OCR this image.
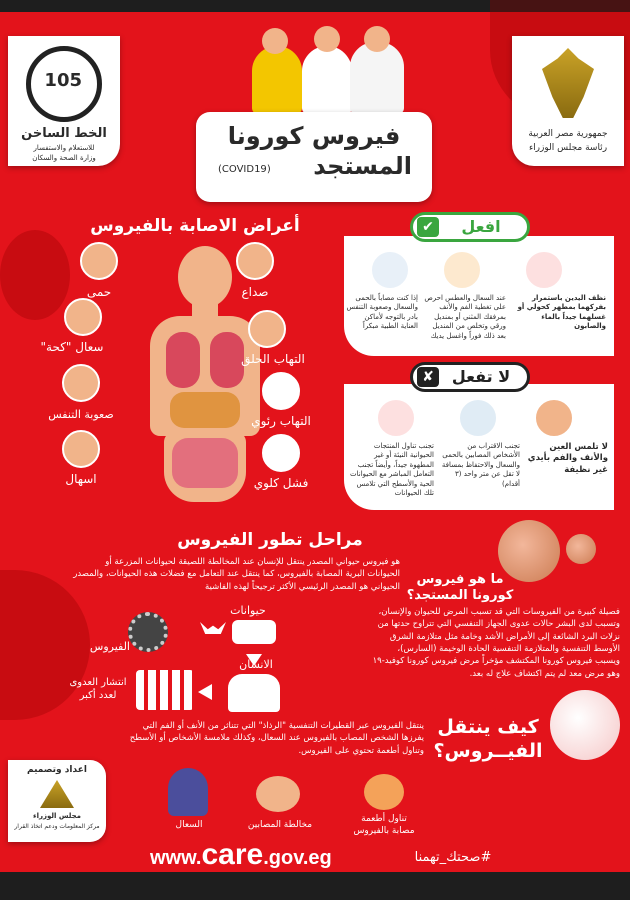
105
الخط الساخن
للاستعلام والاستفسار
وزارة الصحة والسكان
جمهورية مصر العربية
رئاسة مجلس الوزراء
فيروس كورونا
المستجد
(COVID19)
أعراض الاصابة بالفيروس
حمى	صداع
سعال "كحة"
التهاب الحلق
صعوبة التنفس	التهاب رئوي
اسهال	فشل كلوي
افعل
✔
نظف اليدين باستمرار بفركهما بمطهر كحولي أو غسلهما جيداً بالماء والصابون
عند السعال والعطس احرص على تغطية الفم والأنف بمرفقك المثني أو بمنديل ورقي وتخلص من المنديل بعد ذلك فوراً واغسل يديك
إذا كنت مصاباً بالحمى والسعال وصعوبة التنفس بادر بالتوجه لأماكن العناية الطبية مبكراً
لا تفعل
✘
لا تلمس العين والأنف والفم بأيدي غير نظيفة
تجنب الاقتراب من الأشخاص المصابين بالحمى والسعال والاحتفاظ بمسافة لا تقل عن متر واحد (٣ أقدام)
تجنب تناول المنتجات الحيوانية النيئة أو غير المطهوة جيداً، وأيضاً تجنب التعامل المباشر مع الحيوانات الحية والأسطح التي تلامس تلك الحيوانات
مراحل تطور الفيروس
هو فيروس حيواني المصدر ينتقل للإنسان عند المخالطة اللصيقة لحيوانات المزرعة أو الحيوانات البرية المصابة بالفيروس، كما ينتقل عند التعامل مع فضلات هذه الحيوانات، والمصدر الحيواني هو المصدر الرئيسي الأكثر ترجيحاً لهذه الفاشية
الفيروس
حيوانات
الانسان
انتشار العدوى لعدد أكبر
ما هو فيروس
كورونا المستجد؟
فصيلة كبيرة من الفيروسات التي قد تسبب المرض للحيوان والإنسان، وتسبب لدى البشر حالات عدوى الجهاز التنفسي التي تتراوح حدتها من نزلات البرد الشائعة إلى الأمراض الأشد وخامة مثل متلازمة الشرق الأوسط التنفسية والمتلازمة التنفسية الحادة الوخيمة (السارس)، ويسبب فيروس كورونا المكتشف مؤخراً مرض فيروس كورونا كوفيد-١٩ وهو مرض معد لم يتم اكتشاف علاج له بعد.
كيف ينتقل
الفيــروس؟
ينتقل الفيروس عبر القطيرات التنفسية "الرذاذ" التي تتناثر من الأنف أو الفم التي يفرزها الشخص المصاب بالفيروس عند السعال، وكذلك ملامسة الأشخاص أو الأسطح وتناول أطعمة تحتوي على الفيروس.
تناول أطعمة مصابة بالفيروس
مخالطة المصابين
السعال
اعداد وتصميم
مجلس الوزراء
مركز المعلومات ودعم اتخاذ القرار
www.care.gov.eg	#صحتك_تهمنا
